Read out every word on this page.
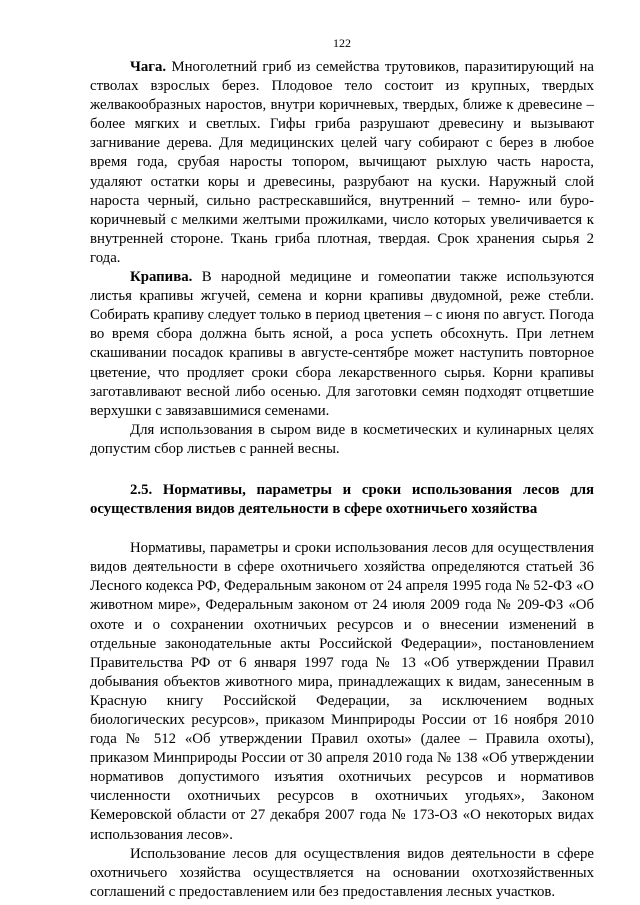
122

Чага. Многолетний гриб из семейства трутовиков, паразитирующий на стволах взрослых берез. Плодовое тело состоит из крупных, твердых желвакообразных наростов, внутри коричневых, твердых, ближе к древесине – более мягких и светлых. Гифы гриба разрушают древесину и вызывают загнивание дерева. Для медицинских целей чагу собирают с берез в любое время года, срубая наросты топором, вычищают рыхлую часть нароста, удаляют остатки коры и древесины, разрубают на куски. Наружный слой нароста черный, сильно растрескавшийся, внутренний – темно- или буро-коричневый с мелкими желтыми прожилками, число которых увеличивается к внутренней стороне. Ткань гриба плотная, твердая. Срок хранения сырья 2 года.

Крапива. В народной медицине и гомеопатии также используются листья крапивы жгучей, семена и корни крапивы двудомной, реже стебли. Собирать крапиву следует только в период цветения – с июня по август. Погода во время сбора должна быть ясной, а роса успеть обсохнуть. При летнем скашивании посадок крапивы в августе-сентябре может наступить повторное цветение, что продляет сроки сбора лекарственного сырья. Корни крапивы заготавливают весной либо осенью. Для заготовки семян подходят отцветшие верхушки с завязавшимися семенами.

Для использования в сыром виде в косметических и кулинарных целях допустим сбор листьев с ранней весны.

2.5. Нормативы, параметры и сроки использования лесов для осуществления видов деятельности в сфере охотничьего хозяйства

Нормативы, параметры и сроки использования лесов для осуществления видов деятельности в сфере охотничьего хозяйства определяются статьей 36 Лесного кодекса РФ, Федеральным законом от 24 апреля 1995 года № 52-ФЗ «О животном мире», Федеральным законом от 24 июля 2009 года № 209-ФЗ «Об охоте и о сохранении охотничьих ресурсов и о внесении изменений в отдельные законодательные акты Российской Федерации», постановлением Правительства РФ от 6 января 1997 года № 13 «Об утверждении Правил добывания объектов животного мира, принадлежащих к видам, занесенным в Красную книгу Российской Федерации, за исключением водных биологических ресурсов», приказом Минприроды России от 16 ноября 2010 года № 512 «Об утверждении Правил охоты» (далее – Правила охоты), приказом Минприроды России от 30 апреля 2010 года № 138 «Об утверждении нормативов допустимого изъятия охотничьих ресурсов и нормативов численности охотничьих ресурсов в охотничьих угодьях», Законом Кемеровской области от 27 декабря 2007 года № 173-ОЗ «О некоторых видах использования лесов».

Использование лесов для осуществления видов деятельности в сфере охотничьего хозяйства осуществляется на основании охотхозяйственных соглашений с предоставлением или без предоставления лесных участков.
